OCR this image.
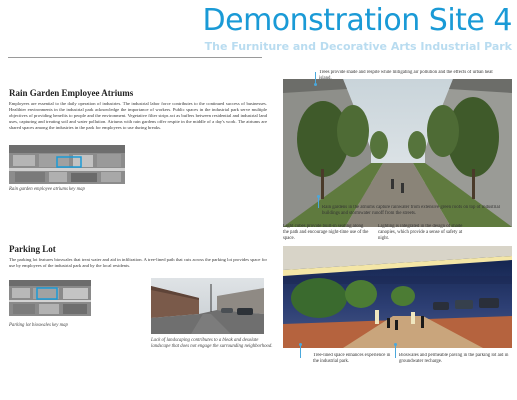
Demonstration Site 4
The Furniture and Decorative Arts Industrial Park
Rain Garden Employee Atriums
Employees are essential to the daily operation of industries. The industrial labor force contributes to the continued success of businesses. Healthier environments in the industrial park acknowledge the importance of workers. Public spaces in the industrial park serve multiple objectives of providing benefits to people and the environment. Vegetative filter strips act as buffers between residential and industrial land uses, capturing and treating soil and water pollution. Atriums with rain gardens offer respite in the middle of a day's work. The atriums are shared spaces among the industries in the park for employees to use during breaks.
Rain garden employee atriums key map
Parking Lot
The parking lot features bioswales that treat water and aid in infiltration. A tree-lined path that cuts across the parking lot provides space for use by employees of the industrial park and by the local residents.
Parking lot bioswales key map
Lack of landscaping contributes to a bleak and desolate landscape that does not engage the surrounding neighborhood.
Trees provide shade and respite while mitigating air pollution and the effects of urban heat island.
Rain gardens in the atriums capture rainwater from extensive green roofs on top of industrial buildings and stormwater runoff from the streets.
Light cubes provide built-in seating along the path and encourage night-time use of the space.
Lighting is integrated in the design of shade canopies, which provide a sense of safety at night.
Tree-lined space enhances experience in the industrial park.
Bioswales and permeable paving in the parking lot aid in groundwater recharge.
